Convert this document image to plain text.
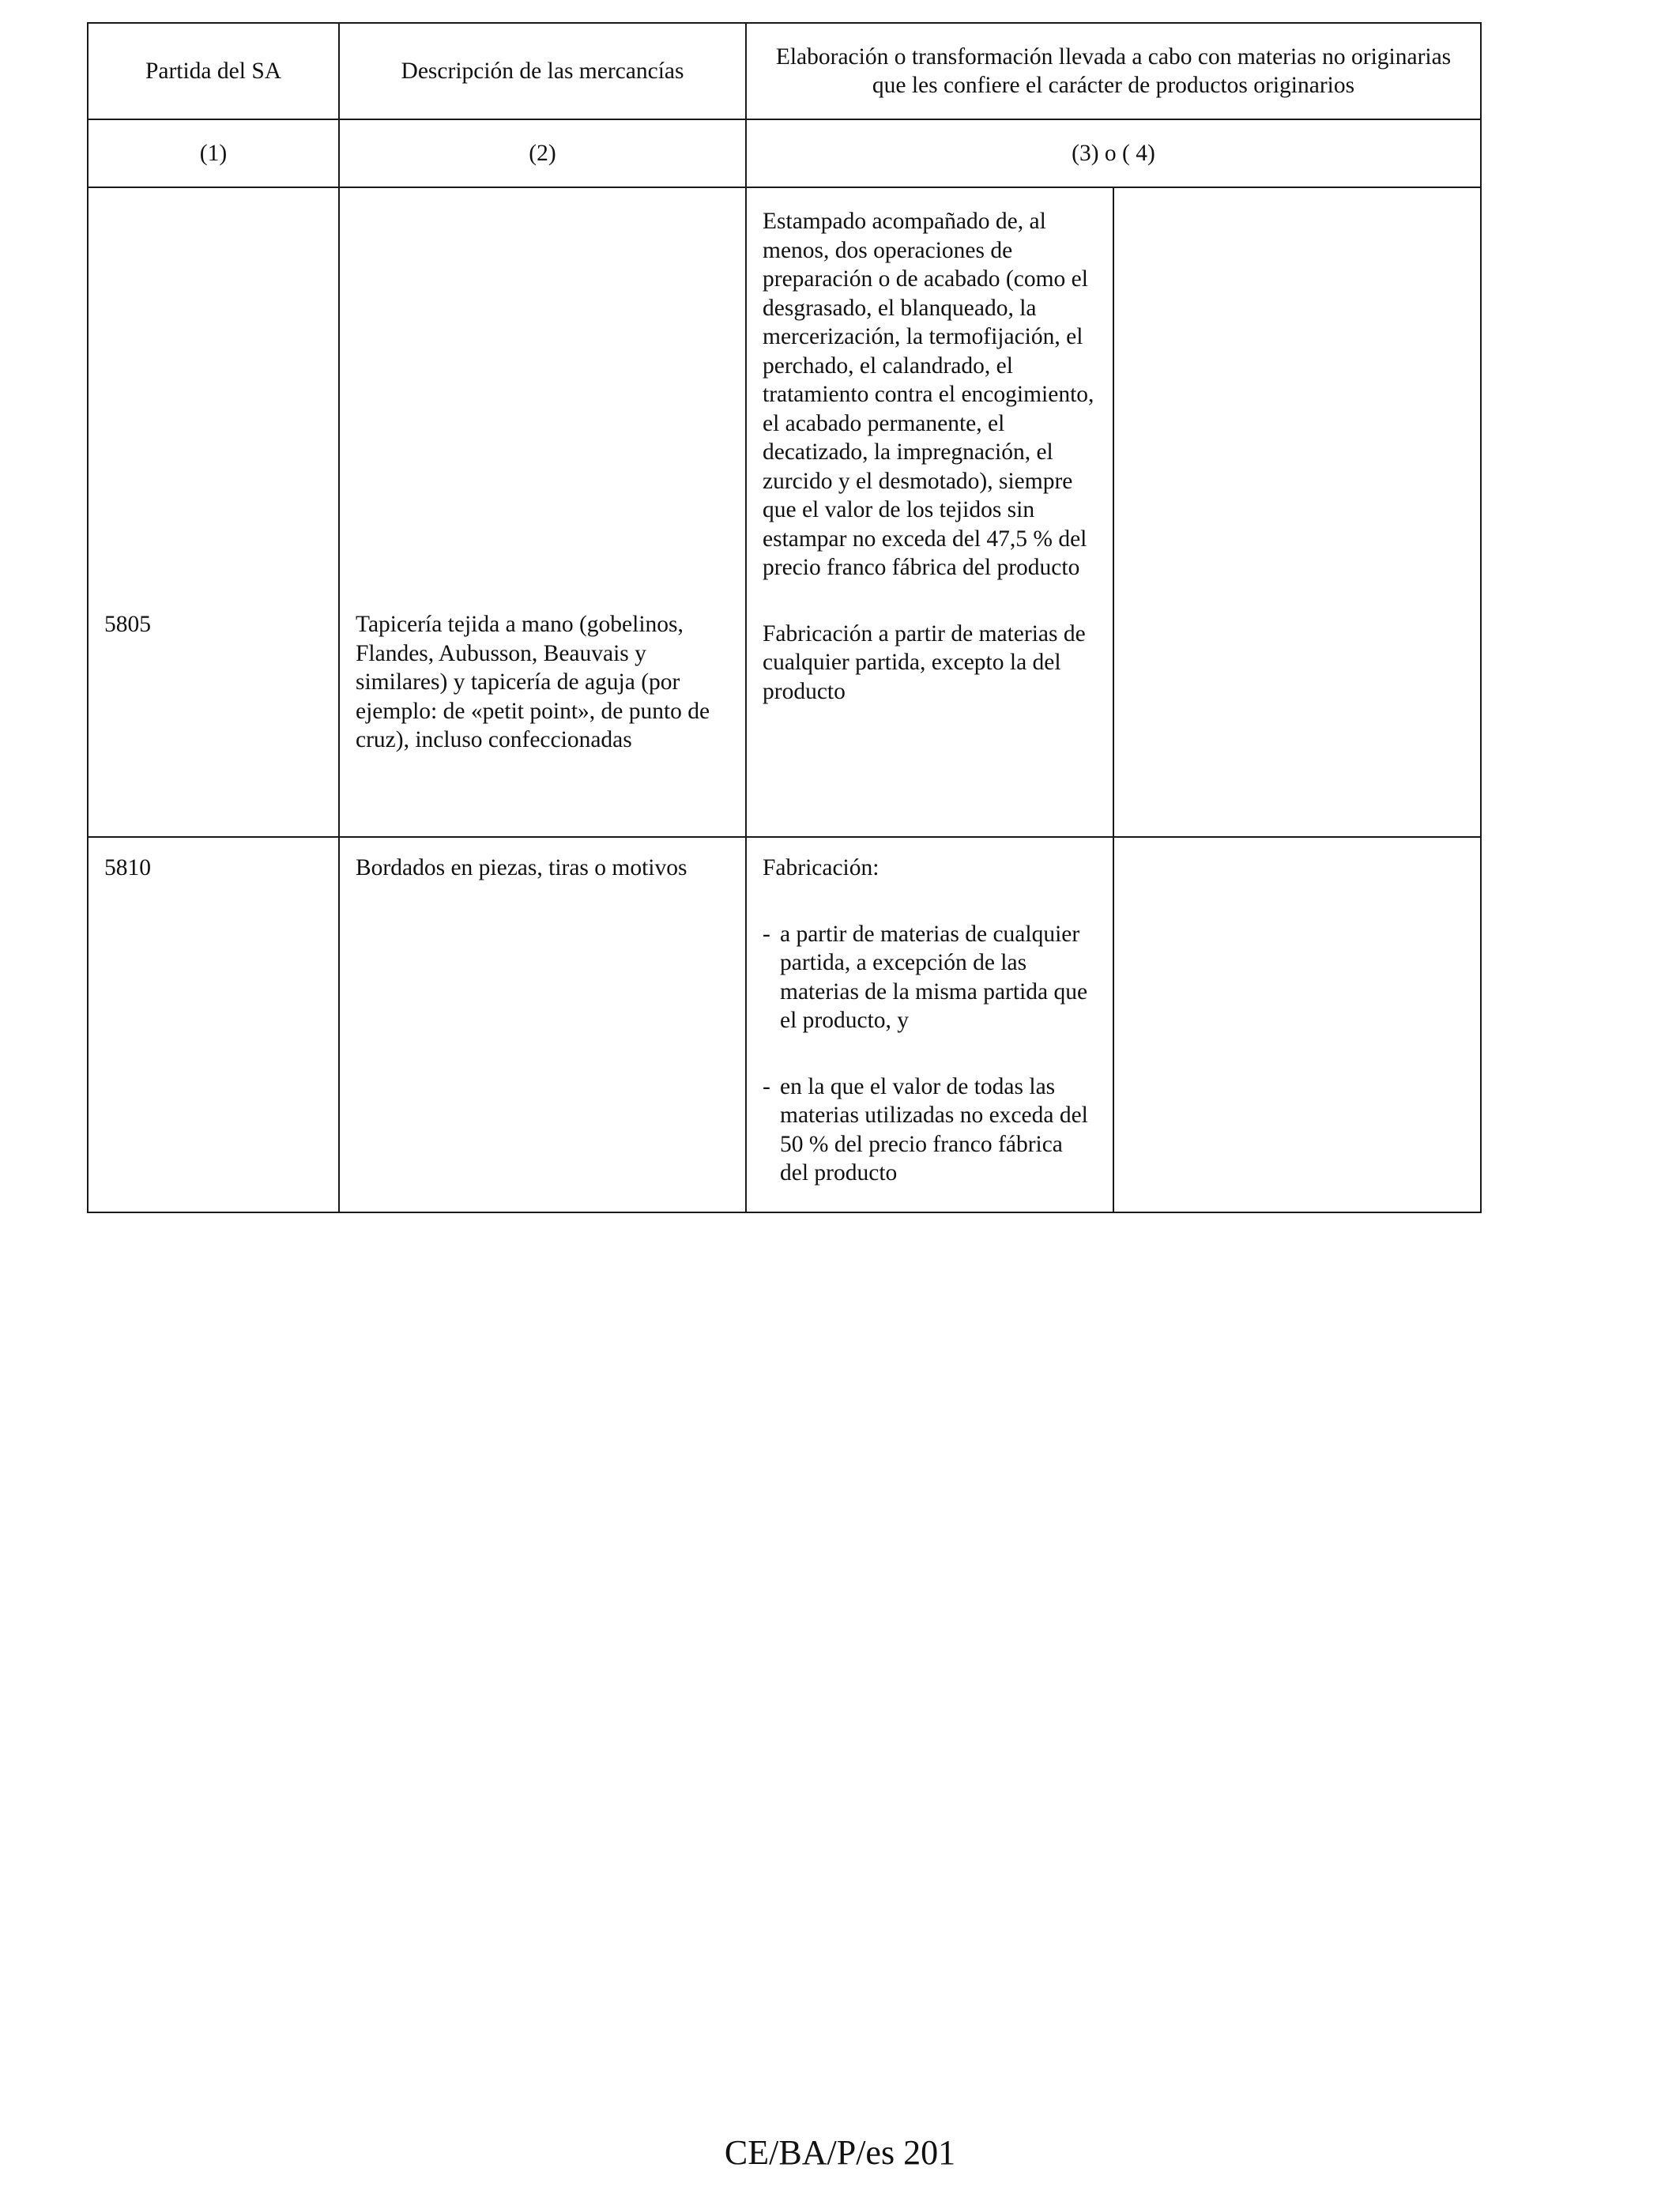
Partida del SA	Descripción de las mercancías	Elaboración o transformación llevada a cabo con materias no originarias
que les confiere el carácter de productos originarios	

(1)	(2)	(3) o ( 4)	

5805	Tapicería tejida a mano (gobelinos, Flandes, Aubusson, Beauvais y similares) y tapicería de aguja (por ejemplo: de «petit point», de punto de cruz), incluso confeccionadas	Estampado acompañado de, al menos, dos operaciones de preparación o de acabado (como el desgrasado, el blanqueado, la mercerización, la termofijación, el perchado, el calandrado, el tratamiento contra el encogimiento, el acabado permanente, el decatizado, la impregnación, el zurcido y el desmotado), siempre que el valor de los tejidos sin estampar no exceda del 47,5 % del precio franco fábrica del producto
Fabricación a partir de materias de cualquier partida, excepto la del producto	

5810	Bordados en piezas, tiras o motivos	Fabricación:
- a partir de materias de cualquier partida, a excepción de las materias de la misma partida que el producto, y
- en la que el valor de todas las materias utilizadas no exceda del 50 % del precio franco fábrica del producto	

CE/BA/P/es 201
